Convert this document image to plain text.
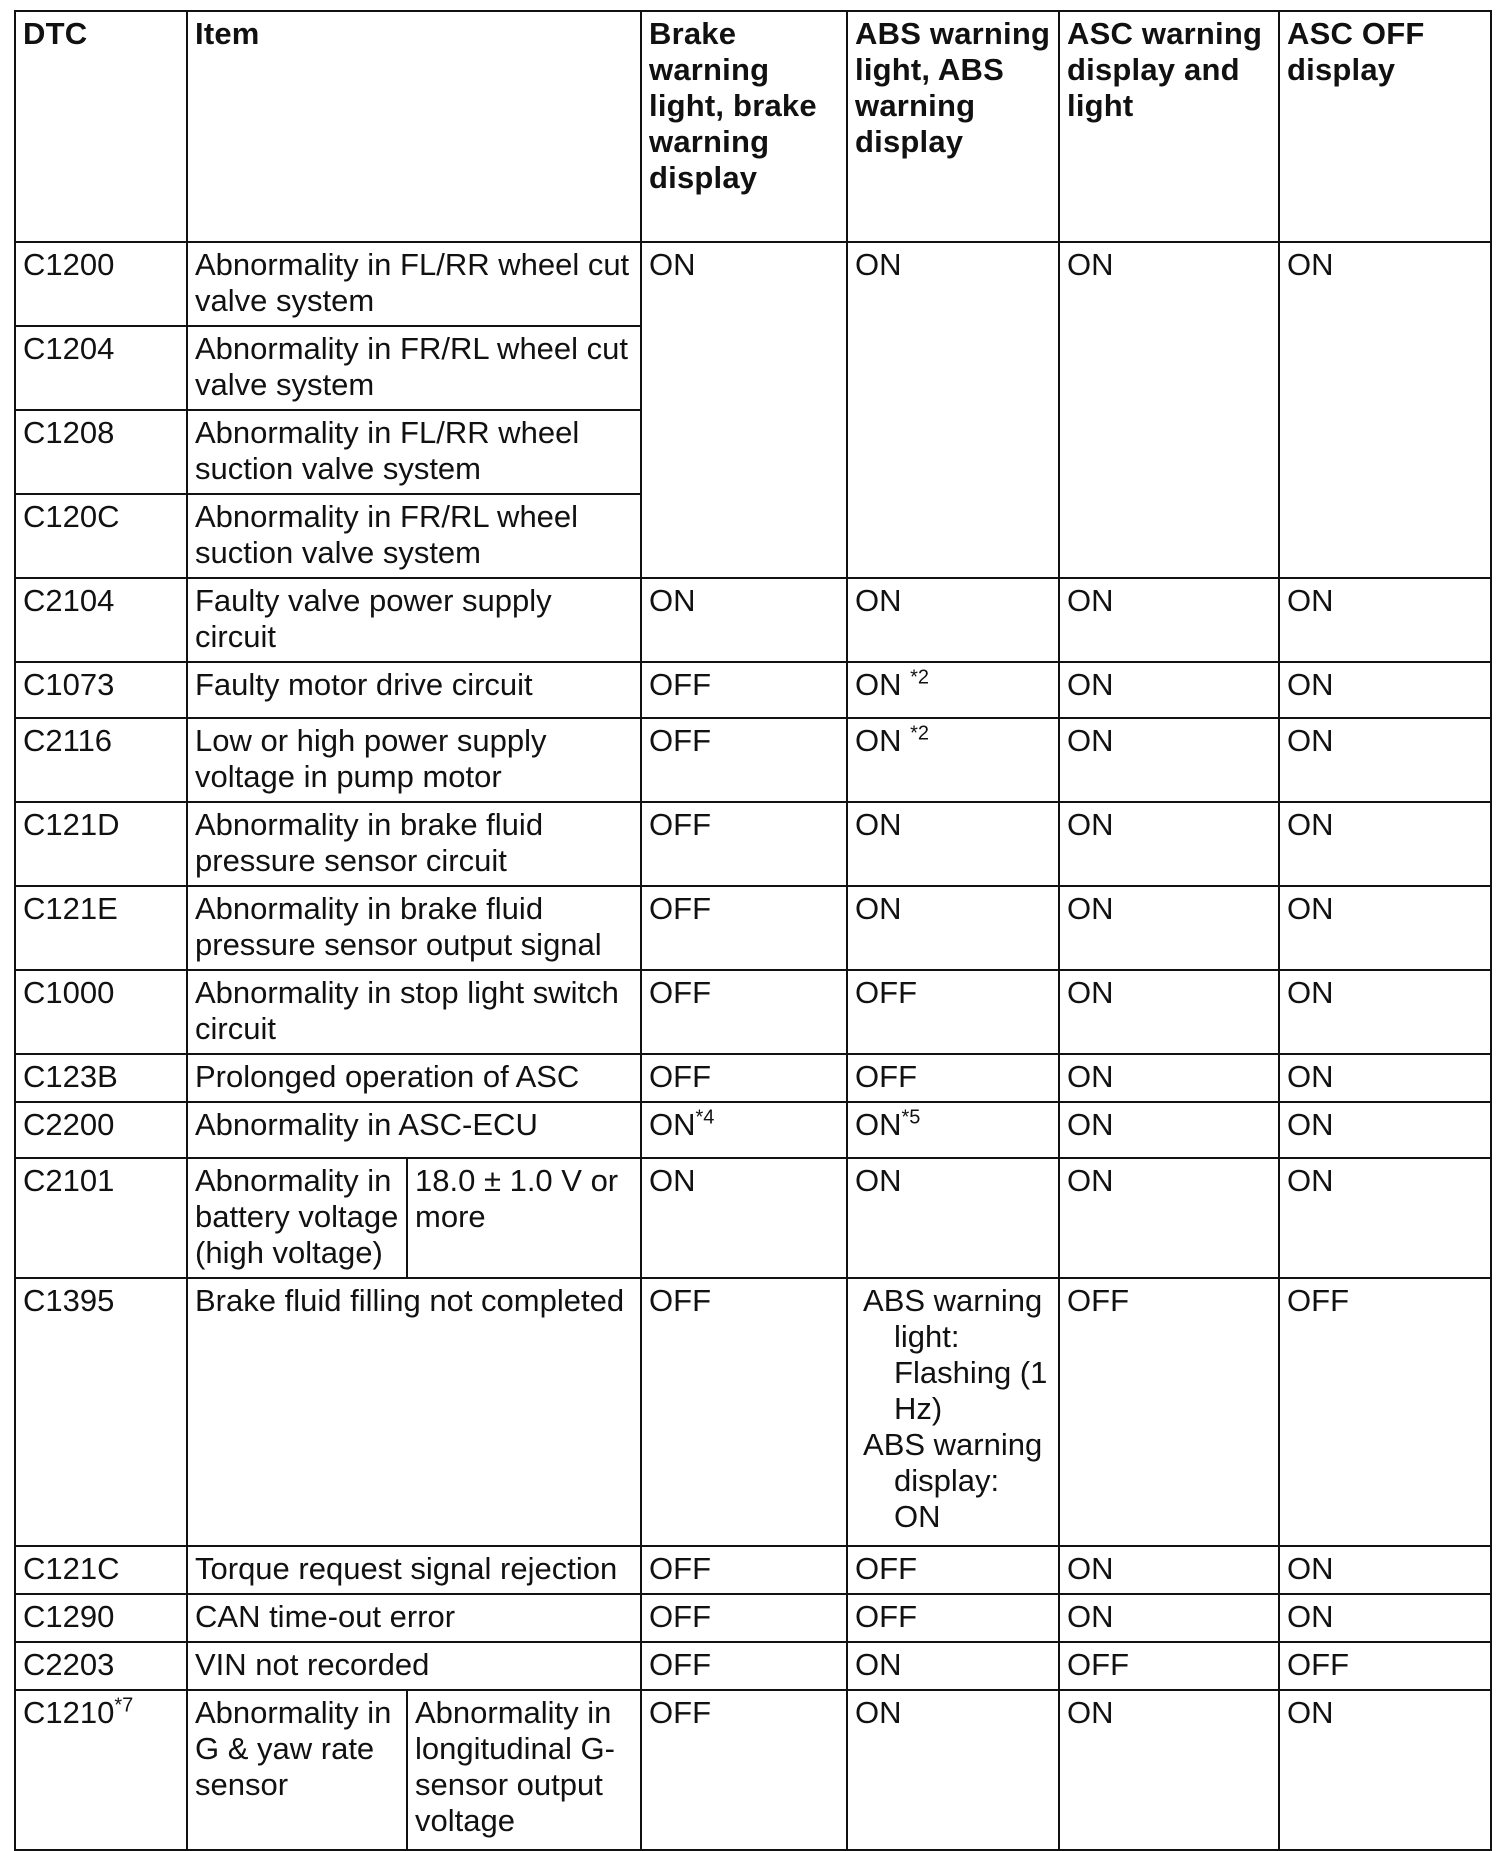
DTC	Item		Brake warning light, brake warning display	ABS warning light, ABS warning display	ASC warning display and light	ASC OFF display
C1200	Abnormality in FL/RR wheel cut valve system		ON	ON	ON	ON
C1204	Abnormality in FR/RL wheel cut valve system					
C1208	Abnormality in FL/RR wheel suction valve system					
C120C	Abnormality in FR/RL wheel suction valve system					
C2104	Faulty valve power supply circuit		ON	ON	ON	ON
C1073	Faulty motor drive circuit		OFF	ON $^{*2}$	ON	ON
C2116	Low or high power supply voltage in pump motor		OFF	ON $^{*2}$	ON	ON
C121D	Abnormality in brake fluid pressure sensor circuit		OFF	ON	ON	ON
C121E	Abnormality in brake fluid pressure sensor output signal		OFF	ON	ON	ON
C1000	Abnormality in stop light switch circuit		OFF	OFF	ON	ON
C123B	Prolonged operation of ASC		OFF	OFF	ON	ON
C2200	Abnormality in ASC-ECU		ON$^{*4}$	ON$^{*5}$	ON	ON
C2101	Abnormality in battery voltage (high voltage)	18.0 ± 1.0 V or more	ON	ON	ON	ON
C1395	Brake fluid filling not completed		OFF	ABS warning
light: Flashing (1 Hz)
ABS warning
display: ON	OFF	OFF
C121C	Torque request signal rejection		OFF	OFF	ON	ON
C1290	CAN time-out error		OFF	OFF	ON	ON
C2203	VIN not recorded		OFF	ON	OFF	OFF
C1210$^{*7}$	Abnormality in G & yaw rate sensor	Abnormality in longitudinal G-sensor output voltage	OFF	ON	ON	ON
